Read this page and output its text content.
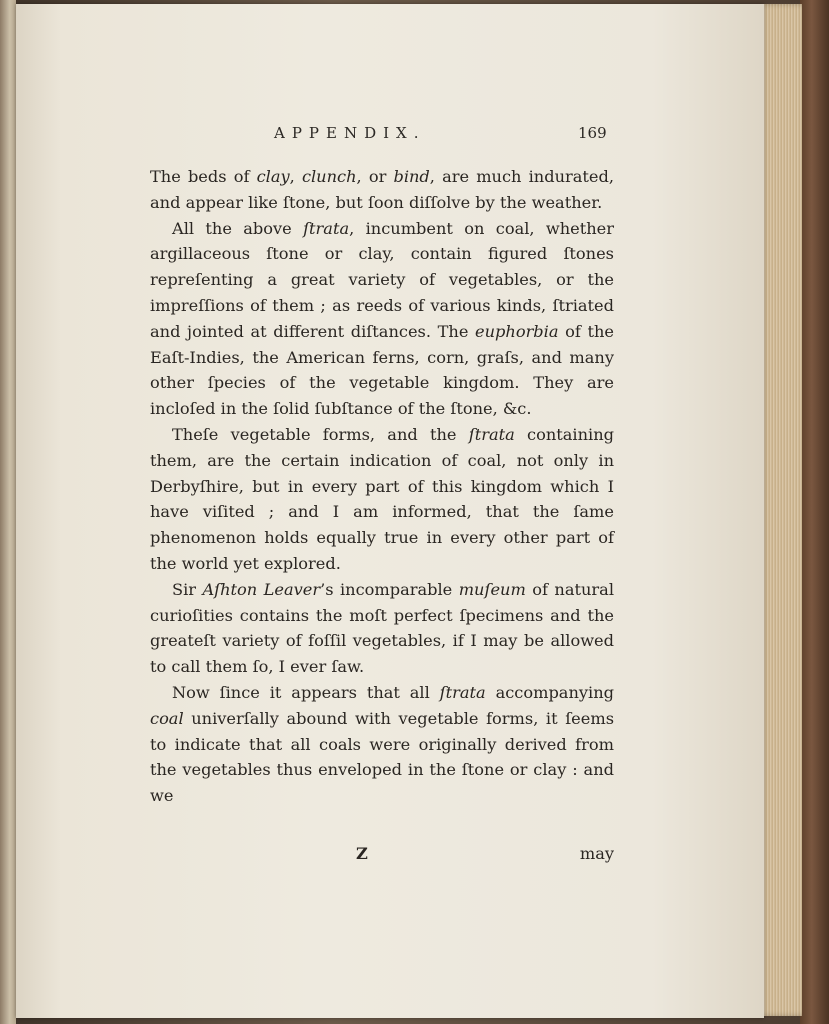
APPENDIX.	169

The beds of clay, clunch, or bind, are much indurated, and appear like ſtone, but ſoon diſſolve by the weather.

All the above ſtrata, incumbent on coal, whether argillaceous ſtone or clay, contain figured ſtones repreſenting a great variety of vegetables, or the impreſſions of them ; as reeds of various kinds, ſtriated and jointed at different diſtances. The euphorbia of the Eaſt-Indies, the American ferns, corn, graſs, and many other ſpecies of the vegetable kingdom. They are incloſed in the ſolid ſubſtance of the ſtone, &c.

Theſe vegetable forms, and the ſtrata containing them, are the certain indication of coal, not only in Derbyſhire, but in every part of this kingdom which I have viſited ; and I am informed, that the ſame phenomenon holds equally true in every other part of the world yet explored.

Sir Aſhton Leaver’s incomparable muſeum of natural curioſities contains the moſt perfect ſpecimens and the greateſt variety of foſſil vegetables, if I may be allowed to call them ſo, I ever ſaw.

Now ſince it appears that all ſtrata accompanying coal univerſally abound with vegetable forms, it ſeems to indicate that all coals were originally derived from the vegetables thus enveloped in the ſtone or clay : and we

Z	may
